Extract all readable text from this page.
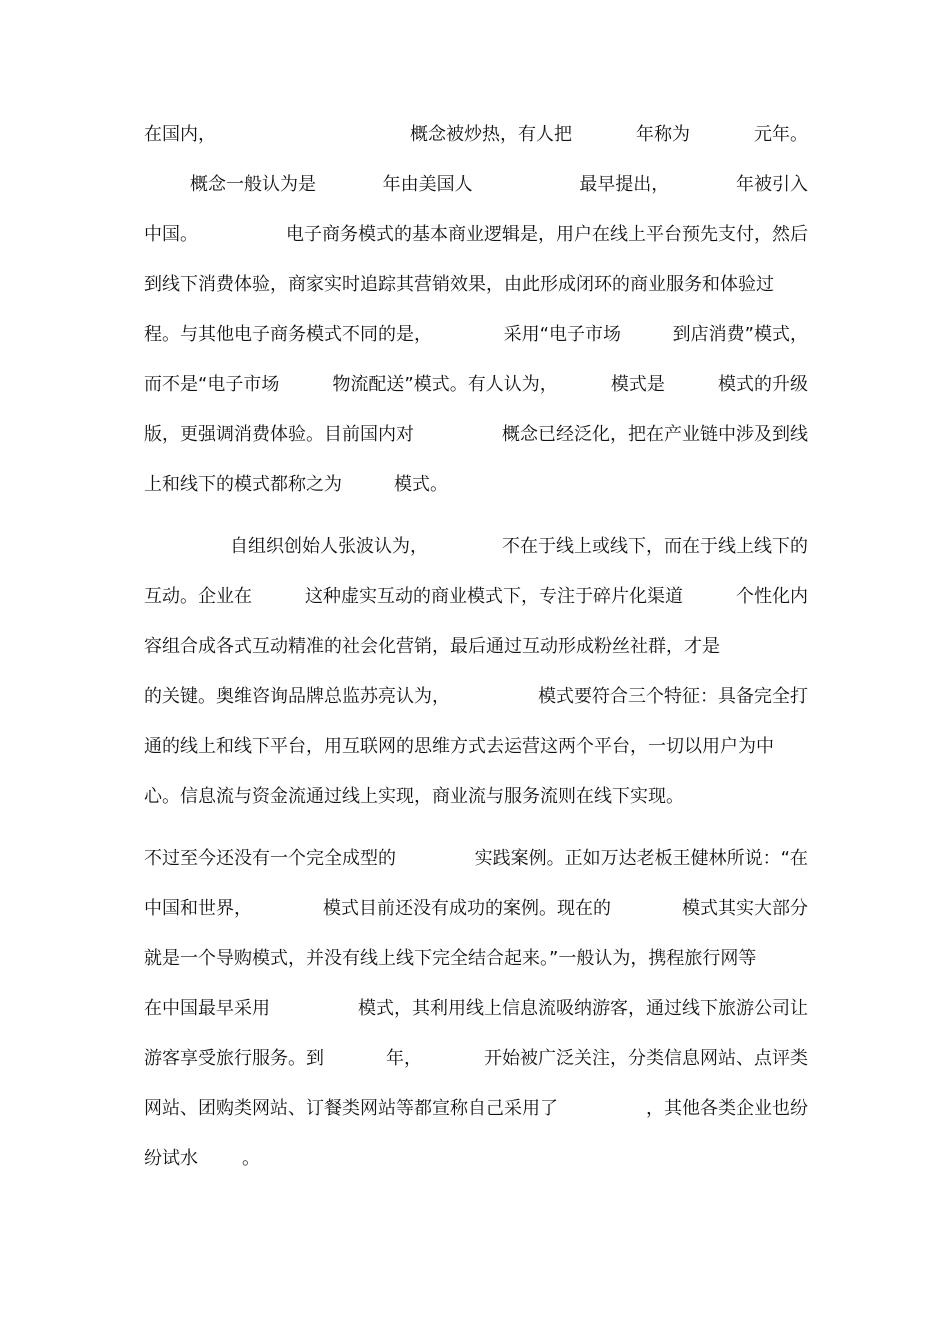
在国内，	概念被炒热，有人把	年称为	元年。
概念一般认为是	年由美国人	最早提出，	年被引入
中国。	电子商务模式的基本商业逻辑是，用户在线上平台预先支付，然后
到线下消费体验，商家实时追踪其营销效果，由此形成闭环的商业服务和体验过
程。与其他电子商务模式不同的是，	采用“电子市场	到店消费”模式，
而不是“电子市场	物流配送”模式。有人认为，	模式是	模式的升级
版，更强调消费体验。目前国内对	概念已经泛化，把在产业链中涉及到线
上和线下的模式都称之为	模式。
自组织创始人张波认为，	不在于线上或线下，而在于线上线下的
互动。企业在	这种虚实互动的商业模式下，专注于碎片化渠道	个性化内
容组合成各式互动精准的社会化营销，最后通过互动形成粉丝社群，才是
的关键。奥维咨询品牌总监苏亮认为，	模式要符合三个特征：具备完全打
通的线上和线下平台，用互联网的思维方式去运营这两个平台，一切以用户为中
心。信息流与资金流通过线上实现，商业流与服务流则在线下实现。
不过至今还没有一个完全成型的	实践案例。正如万达老板王健林所说：“在
中国和世界，	模式目前还没有成功的案例。现在的	模式其实大部分
就是一个导购模式，并没有线上线下完全结合起来。”一般认为，携程旅行网等
在中国最早采用	模式，其利用线上信息流吸纳游客，通过线下旅游公司让
游客享受旅行服务。到	年，	开始被广泛关注，分类信息网站、点评类
网站、团购类网站、订餐类网站等都宣称自己采用了	，其他各类企业也纷
纷试水 。
